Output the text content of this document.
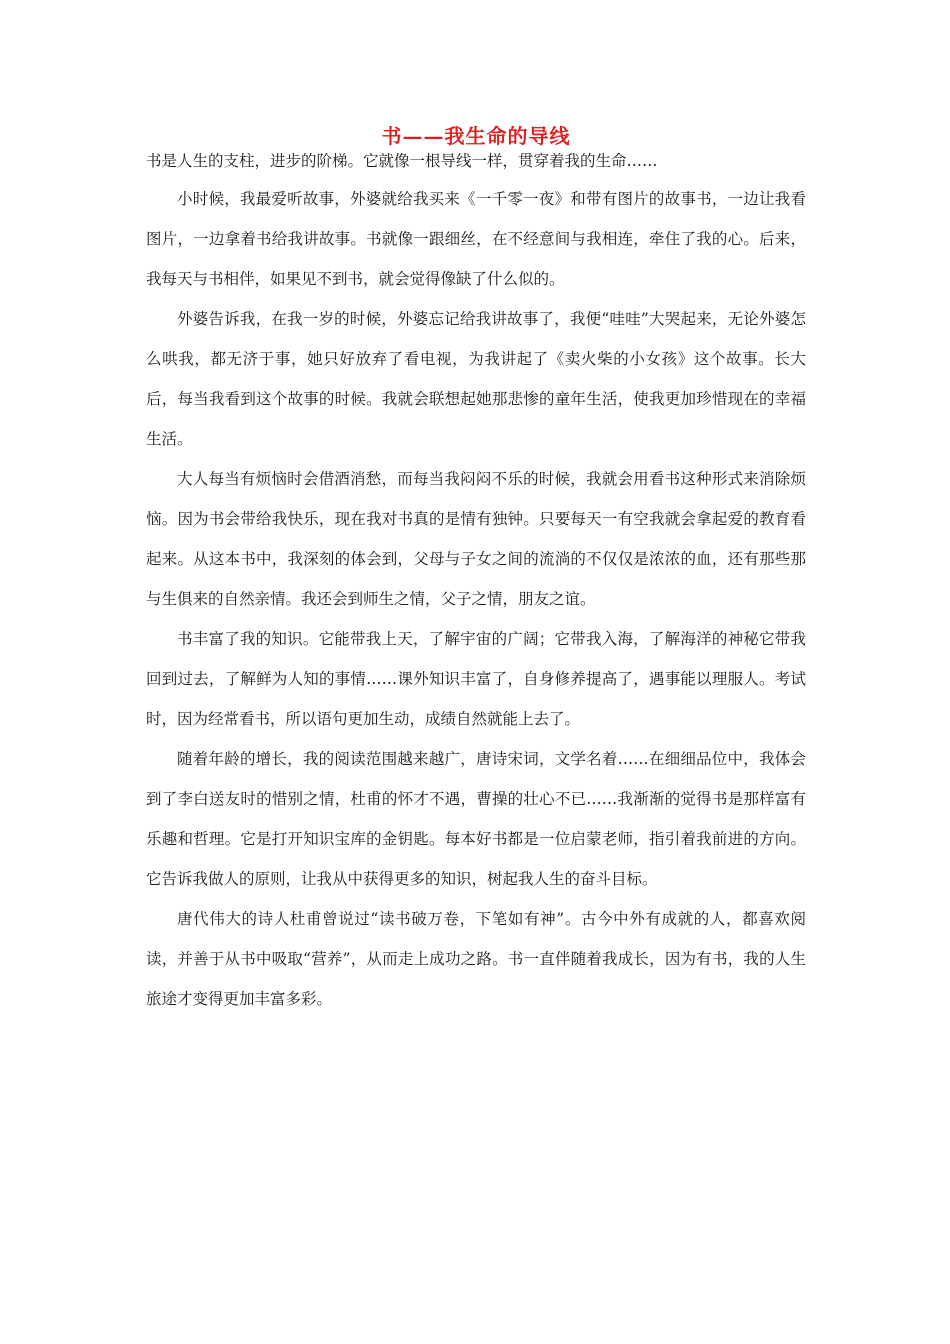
书——我生命的导线

书是人生的支柱，进步的阶梯。它就像一根导线一样，贯穿着我的生命……

小时候，我最爱听故事，外婆就给我买来《一千零一夜》和带有图片的故事书，一边让我看图片，一边拿着书给我讲故事。书就像一跟细丝，在不经意间与我相连，牵住了我的心。后来，我每天与书相伴，如果见不到书，就会觉得像缺了什么似的。

外婆告诉我，在我一岁的时候，外婆忘记给我讲故事了，我便“哇哇”大哭起来，无论外婆怎么哄我，都无济于事，她只好放弃了看电视，为我讲起了《卖火柴的小女孩》这个故事。长大后，每当我看到这个故事的时候。我就会联想起她那悲惨的童年生活，使我更加珍惜现在的幸福生活。

大人每当有烦恼时会借酒消愁，而每当我闷闷不乐的时候，我就会用看书这种形式来消除烦恼。因为书会带给我快乐，现在我对书真的是情有独钟。只要每天一有空我就会拿起爱的教育看起来。从这本书中，我深刻的体会到，父母与子女之间的流淌的不仅仅是浓浓的血，还有那些那与生俱来的自然亲情。我还会到师生之情，父子之情，朋友之谊。

书丰富了我的知识。它能带我上天，了解宇宙的广阔；它带我入海，了解海洋的神秘它带我回到过去，了解鲜为人知的事情……课外知识丰富了，自身修养提高了，遇事能以理服人。考试时，因为经常看书，所以语句更加生动，成绩自然就能上去了。

随着年龄的增长，我的阅读范围越来越广，唐诗宋词，文学名着……在细细品位中，我体会到了李白送友时的惜别之情，杜甫的怀才不遇，曹操的壮心不已……我渐渐的觉得书是那样富有乐趣和哲理。它是打开知识宝库的金钥匙。每本好书都是一位启蒙老师，指引着我前进的方向。它告诉我做人的原则，让我从中获得更多的知识，树起我人生的奋斗目标。

唐代伟大的诗人杜甫曾说过“读书破万卷，下笔如有神”。古今中外有成就的人，都喜欢阅读，并善于从书中吸取“营养”，从而走上成功之路。书一直伴随着我成长，因为有书，我的人生旅途才变得更加丰富多彩。
